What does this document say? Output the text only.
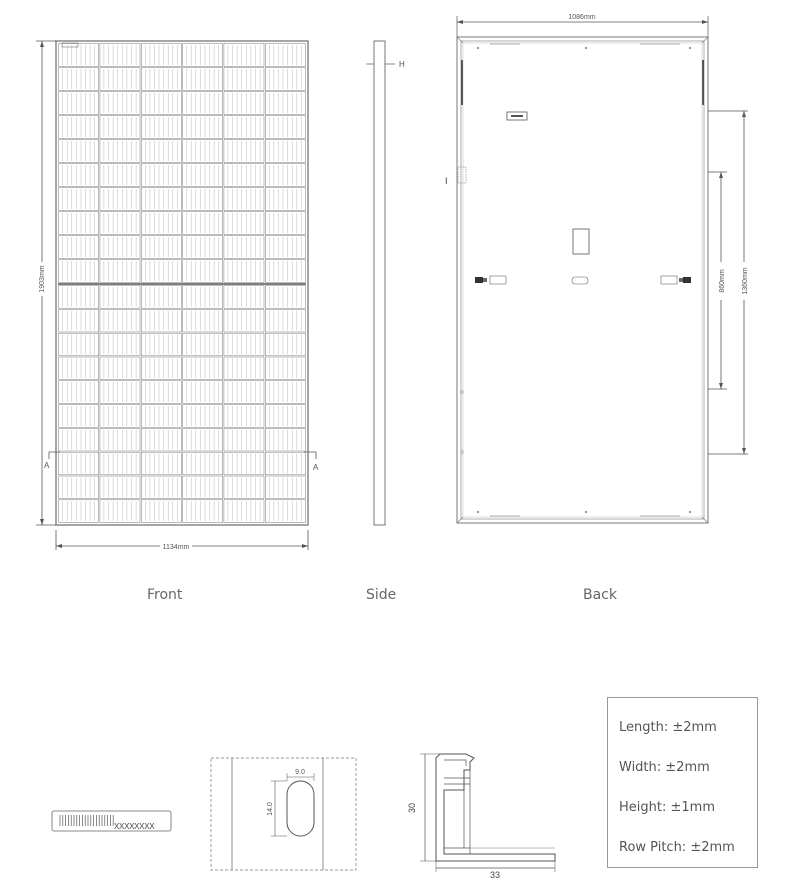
1903mm
1134mm
A	A
H
I
1086mm
860mm 1360mm
XXXXXXXX
9.0
14.0	30
33
Front	Side	Back
Length: ±2mm
Width: ±2mm
Height: ±1mm
Row Pitch: ±2mm
